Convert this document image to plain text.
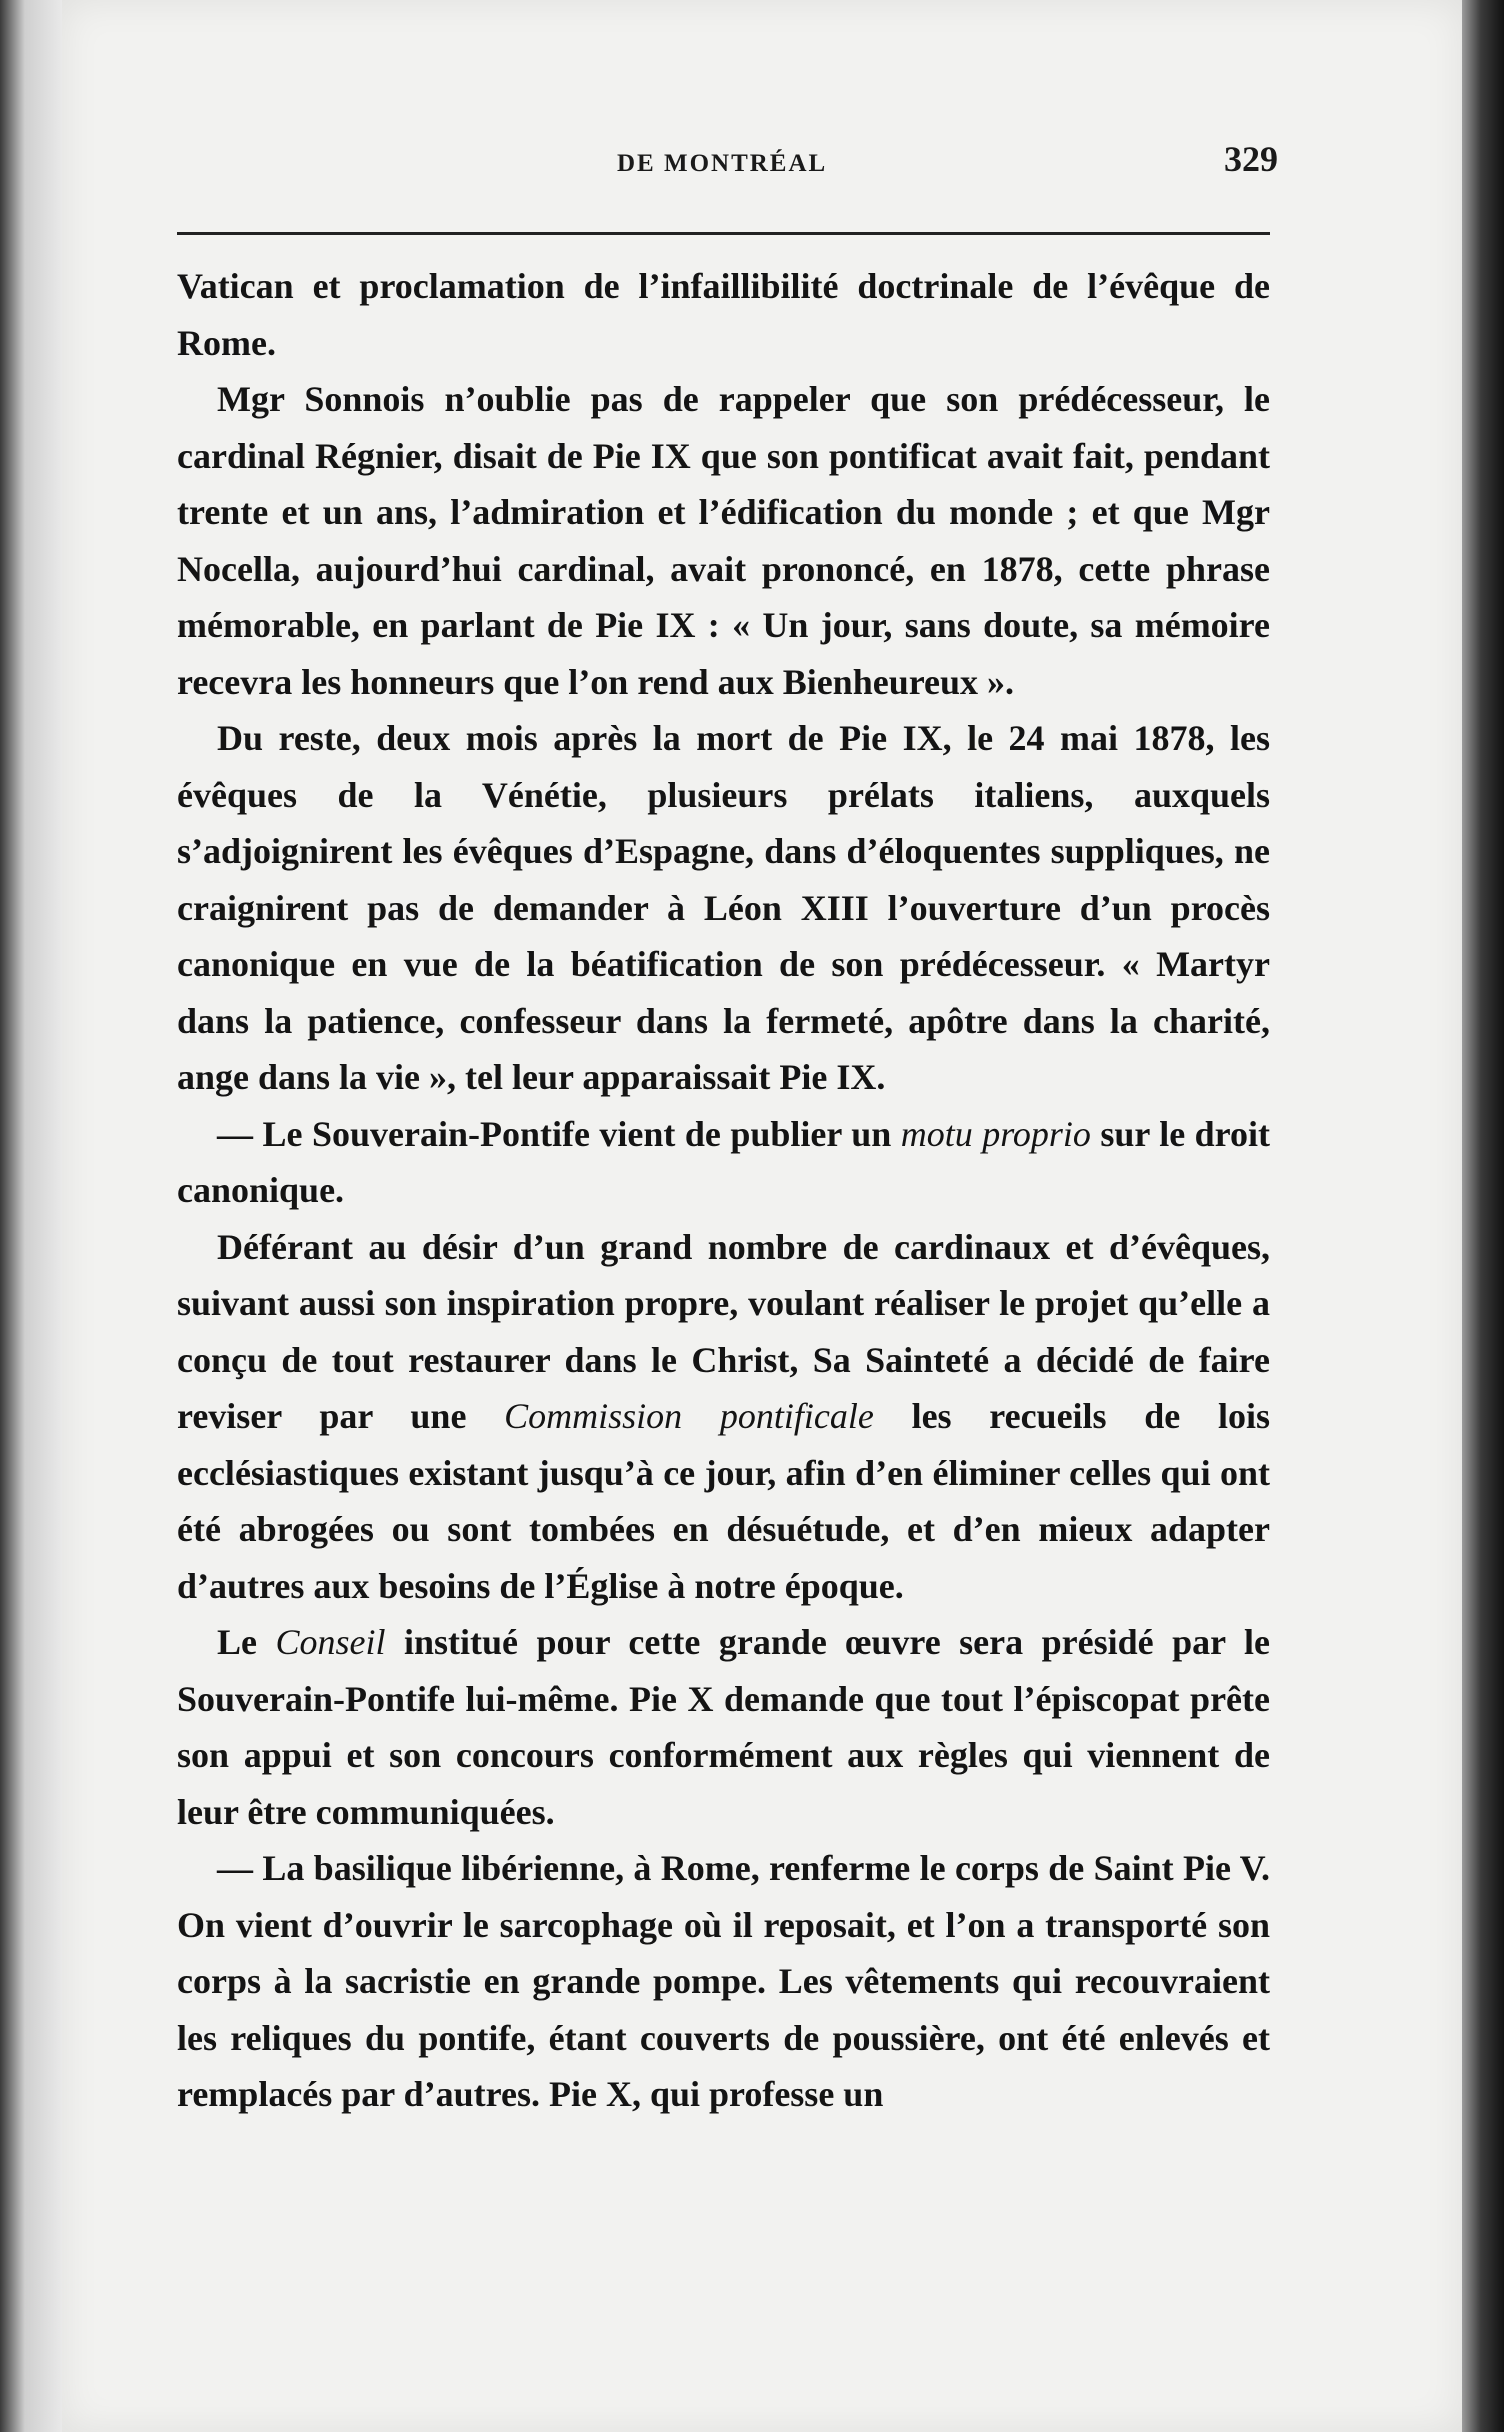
DE MONTRÉAL	329

Vatican et proclamation de l’infaillibilité doctrinale de l’évêque de Rome.

Mgr Sonnois n’oublie pas de rappeler que son prédécesseur, le cardinal Régnier, disait de Pie IX que son pontificat avait fait, pendant trente et un ans, l’admiration et l’édification du monde ; et que Mgr Nocella, aujourd’hui cardinal, avait prononcé, en 1878, cette phrase mémorable, en parlant de Pie IX : « Un jour, sans doute, sa mémoire recevra les honneurs que l’on rend aux Bienheureux ».

Du reste, deux mois après la mort de Pie IX, le 24 mai 1878, les évêques de la Vénétie, plusieurs prélats italiens, auxquels s’adjoignirent les évêques d’Espagne, dans d’éloquentes suppliques, ne craignirent pas de demander à Léon XIII l’ouverture d’un procès canonique en vue de la béatification de son prédécesseur. « Martyr dans la patience, confesseur dans la fermeté, apôtre dans la charité, ange dans la vie », tel leur apparaissait Pie IX.

— Le Souverain-Pontife vient de publier un motu proprio sur le droit canonique.

Déférant au désir d’un grand nombre de cardinaux et d’évêques, suivant aussi son inspiration propre, voulant réaliser le projet qu’elle a conçu de tout restaurer dans le Christ, Sa Sainteté a décidé de faire reviser par une Commission pontificale les recueils de lois ecclésiastiques existant jusqu’à ce jour, afin d’en éliminer celles qui ont été abrogées ou sont tombées en désuétude, et d’en mieux adapter d’autres aux besoins de l’Église à notre époque.

Le Conseil institué pour cette grande œuvre sera présidé par le Souverain-Pontife lui-même. Pie X demande que tout l’épiscopat prête son appui et son concours conformément aux règles qui viennent de leur être communiquées.

— La basilique libérienne, à Rome, renferme le corps de Saint Pie V. On vient d’ouvrir le sarcophage où il reposait, et l’on a transporté son corps à la sacristie en grande pompe. Les vêtements qui recouvraient les reliques du pontife, étant couverts de poussière, ont été enlevés et remplacés par d’autres. Pie X, qui professe un
